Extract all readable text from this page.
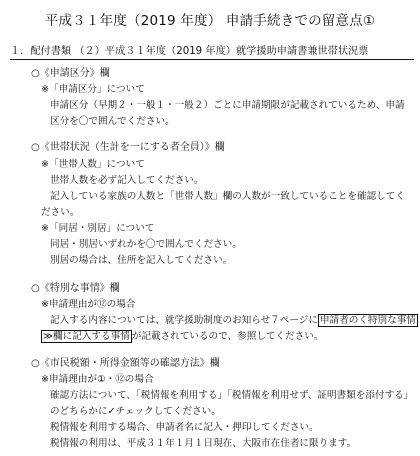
平成３１年度（2019 年度） 申請手続きでの留意点①
１．配付書類 （２）平成３１年度（2019 年度）就学援助申請書兼世帯状況票
○《申請区分》欄
※「申請区分」について
申請区分（早期２・一般１・一般２）ごとに申請期限が記載されているため、申請
区分を〇で囲んでください。
○《世帯状況（生計を一にする者全員）》欄
※「世帯人数」について
世帯人数を必ず記入してください。
記入している家族の人数と「世帯人数」欄の人数が一致していることを確認してく
ださい。
※「同居・別居」について
同居・別居いずれかを〇で囲んでください。
別居の場合は、住所を記入してください。
○《特別な事情》欄
※申請理由が⑫の場合
記入する内容については、就学援助制度のお知らせ７ページに 申請者のく特別な事情
≫欄に記入する事情 が記載されているので、参照してください。
○《市民税額・所得金額等の確認方法》欄
※申請理由が①・⑫の場合
確認方法について、「税情報を利用する」「税情報を利用せず、証明書類を添付する」
のどちらかに✓チェックしてください。
税情報を利用する場合、申請者名に記入・押印してください。
税情報の利用は、平成３１年１月１日現在、大阪市在住者に限ります。
